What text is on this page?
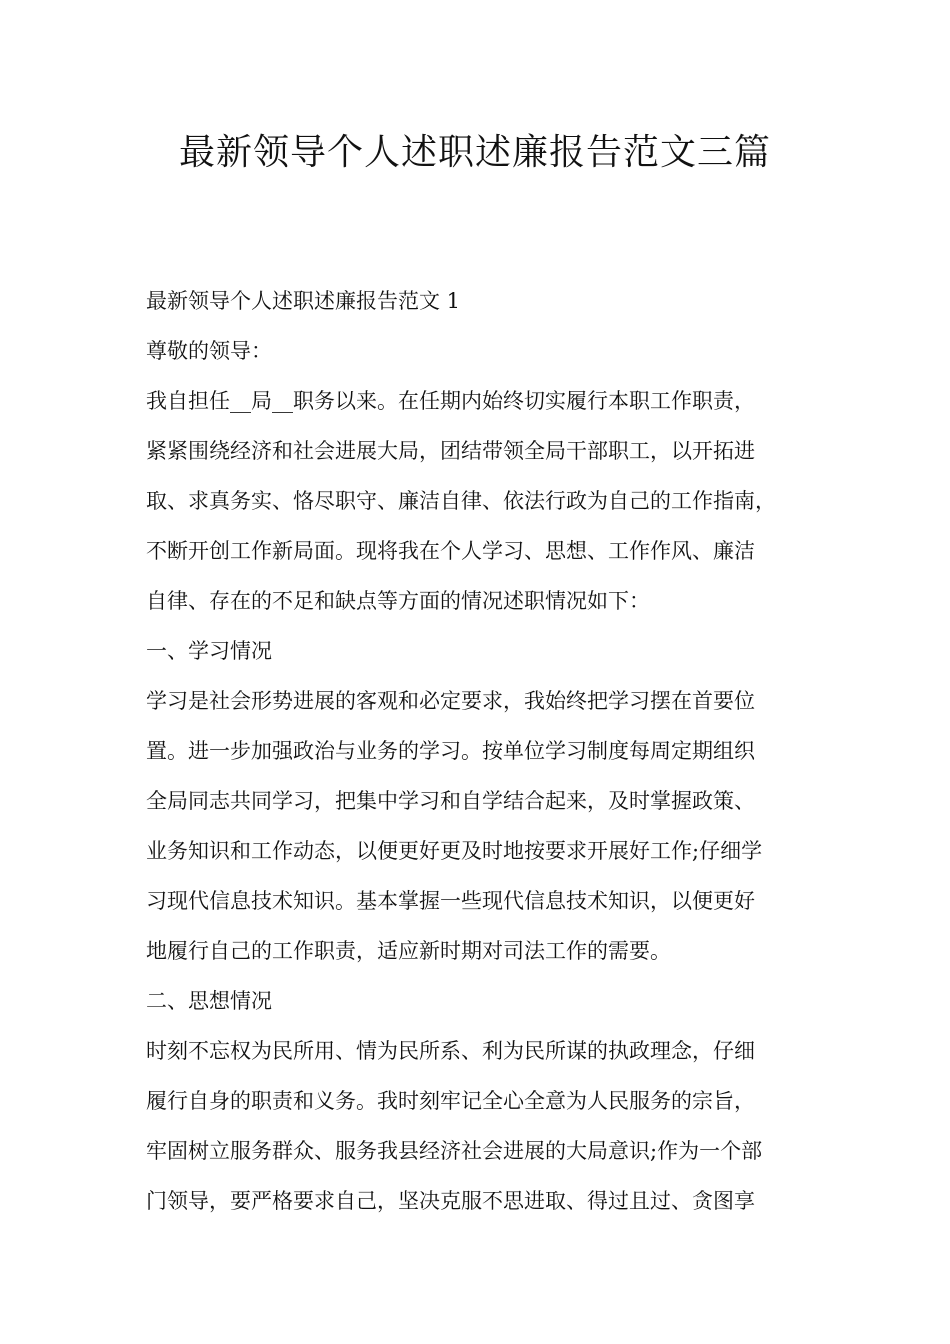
最新领导个人述职述廉报告范文三篇

最新领导个人述职述廉报告范文 1

尊敬的领导：

我自担任__局__职务以来。在任期内始终切实履行本职工作职责，

紧紧围绕经济和社会进展大局，团结带领全局干部职工，以开拓进

取、求真务实、恪尽职守、廉洁自律、依法行政为自己的工作指南，

不断开创工作新局面。现将我在个人学习、思想、工作作风、廉洁

自律、存在的不足和缺点等方面的情况述职情况如下：

一、学习情况

学习是社会形势进展的客观和必定要求，我始终把学习摆在首要位

置。进一步加强政治与业务的学习。按单位学习制度每周定期组织

全局同志共同学习，把集中学习和自学结合起来，及时掌握政策、

业务知识和工作动态，以便更好更及时地按要求开展好工作;仔细学

习现代信息技术知识。基本掌握一些现代信息技术知识，以便更好

地履行自己的工作职责，适应新时期对司法工作的需要。

二、思想情况

时刻不忘权为民所用、情为民所系、利为民所谋的执政理念，仔细

履行自身的职责和义务。我时刻牢记全心全意为人民服务的宗旨，

牢固树立服务群众、服务我县经济社会进展的大局意识;作为一个部

门领导，要严格要求自己，坚决克服不思进取、得过且过、贪图享
